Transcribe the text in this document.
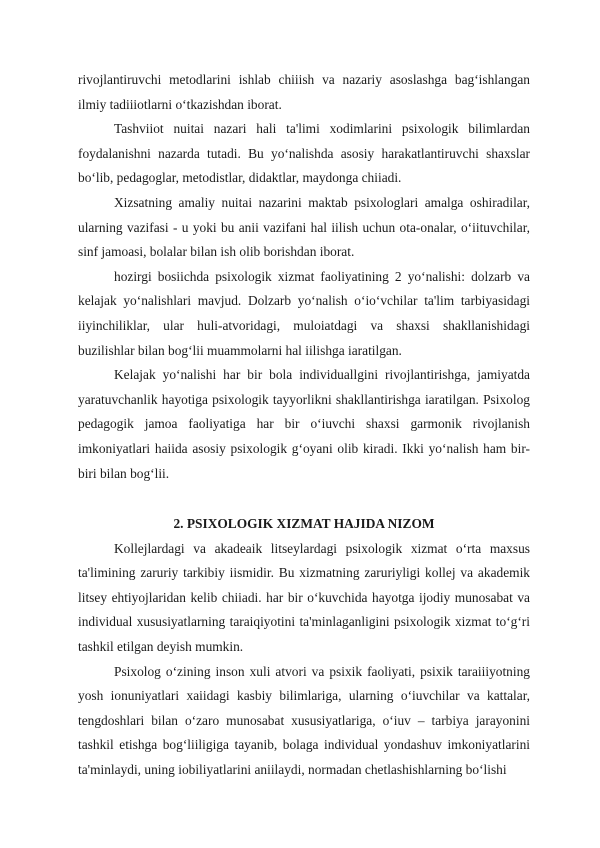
rivojlantiruvchi metodlarini ishlab chiiish va nazariy asoslashga bag‘ishlangan ilmiy tadiiiotlarni o‘tkazishdan iborat.

Tashviiot nuitai nazari hali ta'limi xodimlarini psixologik bilimlardan foydalanishni nazarda tutadi. Bu yo‘nalishda asosiy harakatlantiruvchi shaxslar bo‘lib, pedagoglar, metodistlar, didaktlar, maydonga chiiadi.

Xizsatning amaliy nuitai nazarini maktab psixologlari amalga oshiradilar, ularning vazifasi - u yoki bu anii vazifani hal iilish uchun ota-onalar, o‘iituvchilar, sinf jamoasi, bolalar bilan ish olib borishdan iborat.

hozirgi bosiichda psixologik xizmat faoliyatining 2 yo‘nalishi: dolzarb va kelajak yo‘nalishlari mavjud. Dolzarb yo‘nalish o‘io‘vchilar ta'lim tarbiyasidagi iiyinchiliklar, ular huli-atvoridagi, muloiatdagi va shaxsi shakllanishidagi buzilishlar bilan bog‘lii muammolarni hal iilishga iaratilgan.

Kelajak yo‘nalishi har bir bola individuallgini rivojlantirishga, jamiyatda yaratuvchanlik hayotiga psixologik tayyorlikni shakllantirishga iaratilgan. Psixolog pedagogik jamoa faoliyatiga har bir o‘iuvchi shaxsi garmonik rivojlanish imkoniyatlari haiida asosiy psixologik g‘oyani olib kiradi. Ikki yo‘nalish ham bir-biri bilan bog‘lii.

2. PSIXOLOGIK XIZMAT HAJIDA NIZOM

Kollejlardagi va akadeaik litseylardagi psixologik xizmat o‘rta maxsus ta'limining zaruriy tarkibiy iismidir. Bu xizmatning zaruriyligi kollej va akademik litsey ehtiyojlaridan kelib chiiadi. har bir o‘kuvchida hayotga ijodiy munosabat va individual xususiyatlarning taraiqiyotini ta'minlaganligini psixologik xizmat to‘g‘ri tashkil etilgan deyish mumkin.

Psixolog o‘zining inson xuli atvori va psixik faoliyati, psixik taraiiiyotning yosh ionuniyatlari xaiidagi kasbiy bilimlariga, ularning o‘iuvchilar va kattalar, tengdoshlari bilan o‘zaro munosabat xususiyatlariga, o‘iuv – tarbiya jarayonini tashkil etishga bog‘liiligiga tayanib, bolaga individual yondashuv imkoniyatlarini ta'minlaydi, uning iobiliyatlarini aniilaydi, normadan chetlashishlarning bo‘lishi
